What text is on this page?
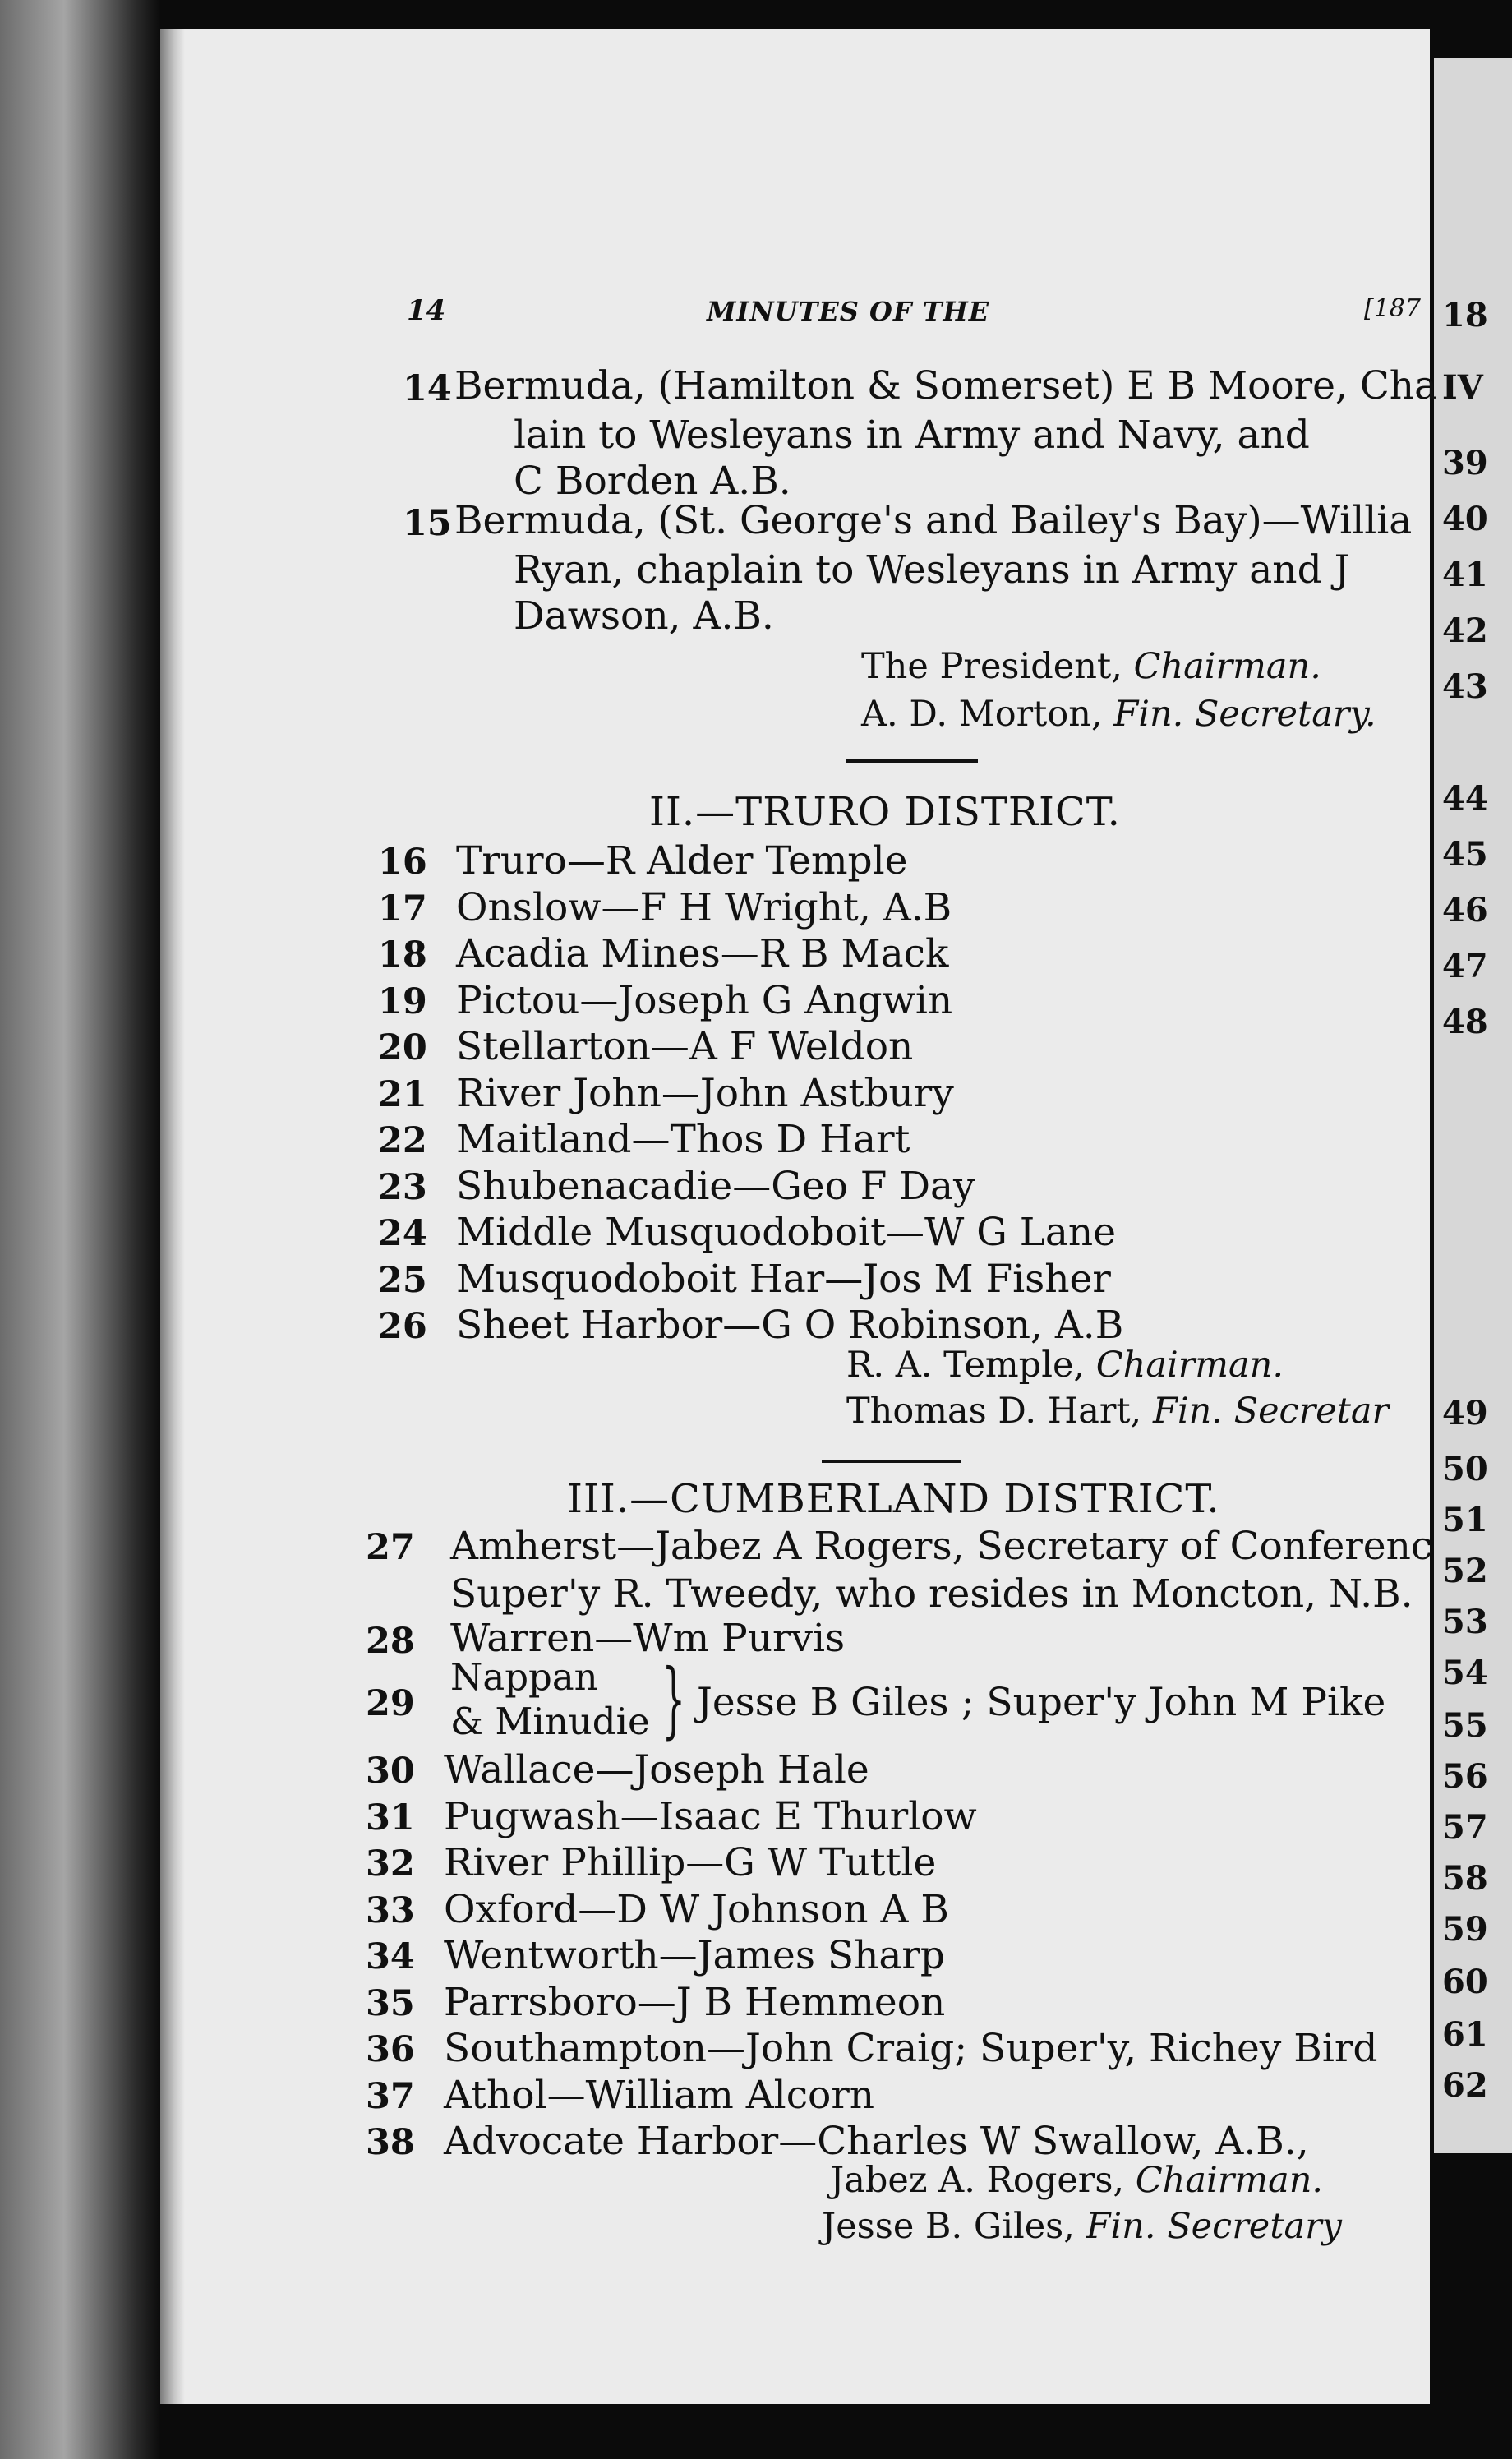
18
IV
39
40
41
42
43
44
45
46
47
48
49
50
51
52
53
54
55
56
57
58
59
60
61
62
14	MINUTES OF THE	[187
14 Bermuda, (Hamilton & Somerset) E B Moore, Cha
lain to Wesleyans in Army and Navy, and
C Borden A.B.
15 Bermuda, (St. George's and Bailey's Bay)—Willia
Ryan, chaplain to Wesleyans in Army and J
Dawson, A.B.
The President, Chairman.
A. D. Morton, Fin. Secretary.
II.—TRURO DISTRICT.
16 Truro—R Alder Temple
17 Onslow—F H Wright, A.B
18 Acadia Mines—R B Mack
19 Pictou—Joseph G Angwin
20 Stellarton—A F Weldon
21 River John—John Astbury
22 Maitland—Thos D Hart
23 Shubenacadie—Geo F Day
24 Middle Musquodoboit—W G Lane
25 Musquodoboit Har—Jos M Fisher
26 Sheet Harbor—G O Robinson, A.B
R. A. Temple, Chairman.
Thomas D. Hart, Fin. Secretar
III.—CUMBERLAND DISTRICT.
27 Amherst—Jabez A Rogers, Secretary of Conferenc
Super'y R. Tweedy, who resides in Moncton, N.B.
28 Warren—Wm Purvis
29
Nappan
& Minudie } Jesse B Giles ; Super'y John M Pike
30 Wallace—Joseph Hale
31 Pugwash—Isaac E Thurlow
32 River Phillip—G W Tuttle
33 Oxford—D W Johnson A B
34 Wentworth—James Sharp
35 Parrsboro—J B Hemmeon
36 Southampton—John Craig; Super'y, Richey Bird
37 Athol—William Alcorn
38 Advocate Harbor—Charles W Swallow, A.B.,
Jabez A. Rogers, Chairman.
Jesse B. Giles, Fin. Secretary
